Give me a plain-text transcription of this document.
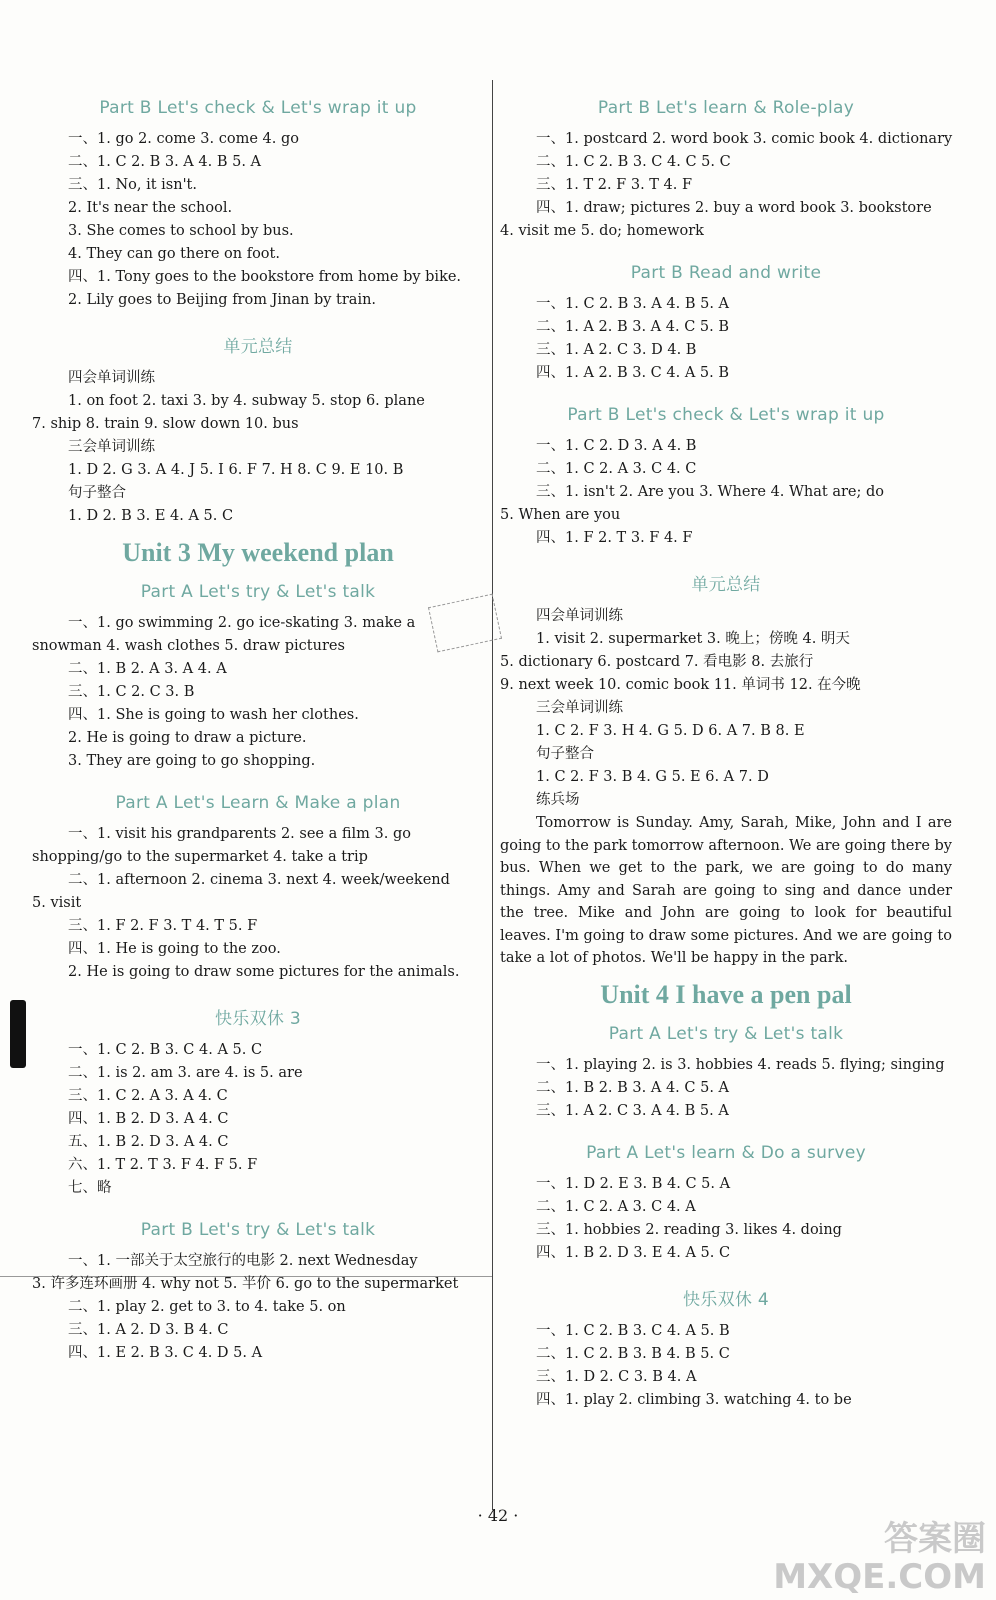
Part B Let's check & Let's wrap it up
一、1. go 2. come 3. come 4. go
二、1. C 2. B 3. A 4. B 5. A
三、1. No, it isn't.
2. It's near the school.
3. She comes to school by bus.
4. They can go there on foot.
四、1. Tony goes to the bookstore from home by bike.
2. Lily goes to Beijing from Jinan by train.
单元总结
四会单词训练
1. on foot 2. taxi 3. by 4. subway 5. stop 6. plane
7. ship 8. train 9. slow down 10. bus
三会单词训练
1. D 2. G 3. A 4. J 5. I 6. F 7. H 8. C 9. E 10. B
句子整合
1. D 2. B 3. E 4. A 5. C
Unit 3 My weekend plan
Part A Let's try & Let's talk
一、1. go swimming 2. go ice-skating 3. make a
snowman 4. wash clothes 5. draw pictures
二、1. B 2. A 3. A 4. A
三、1. C 2. C 3. B
四、1. She is going to wash her clothes.
2. He is going to draw a picture.
3. They are going to go shopping.
Part A Let's Learn & Make a plan
一、1. visit his grandparents 2. see a film 3. go
shopping/go to the supermarket 4. take a trip
二、1. afternoon 2. cinema 3. next 4. week/weekend
5. visit
三、1. F 2. F 3. T 4. T 5. F
四、1. He is going to the zoo.
2. He is going to draw some pictures for the animals.
快乐双休 3
一、1. C 2. B 3. C 4. A 5. C
二、1. is 2. am 3. are 4. is 5. are
三、1. C 2. A 3. A 4. C
四、1. B 2. D 3. A 4. C
五、1. B 2. D 3. A 4. C
六、1. T 2. T 3. F 4. F 5. F
七、略
Part B Let's try & Let's talk
一、1. 一部关于太空旅行的电影 2. next Wednesday
3. 许多连环画册 4. why not 5. 半价 6. go to the supermarket
二、1. play 2. get to 3. to 4. take 5. on
三、1. A 2. D 3. B 4. C
四、1. E 2. B 3. C 4. D 5. A
Part B Let's learn & Role-play
一、1. postcard 2. word book 3. comic book 4. dictionary
二、1. C 2. B 3. C 4. C 5. C
三、1. T 2. F 3. T 4. F
四、1. draw; pictures 2. buy a word book 3. bookstore
4. visit me 5. do; homework
Part B Read and write
一、1. C 2. B 3. A 4. B 5. A
二、1. A 2. B 3. A 4. C 5. B
三、1. A 2. C 3. D 4. B
四、1. A 2. B 3. C 4. A 5. B
Part B Let's check & Let's wrap it up
一、1. C 2. D 3. A 4. B
二、1. C 2. A 3. C 4. C
三、1. isn't 2. Are you 3. Where 4. What are; do
5. When are you
四、1. F 2. T 3. F 4. F
单元总结
四会单词训练
1. visit 2. supermarket 3. 晚上；傍晚 4. 明天
5. dictionary 6. postcard 7. 看电影 8. 去旅行
9. next week 10. comic book 11. 单词书 12. 在今晚
三会单词训练
1. C 2. F 3. H 4. G 5. D 6. A 7. B 8. E
句子整合
1. C 2. F 3. B 4. G 5. E 6. A 7. D
练兵场
Tomorrow is Sunday. Amy, Sarah, Mike, John and I are going to the park tomorrow afternoon. We are going there by bus. When we get to the park, we are going to do many things. Amy and Sarah are going to sing and dance under the tree. Mike and John are going to look for beautiful leaves. I'm going to draw some pictures. And we are going to take a lot of photos. We'll be happy in the park.
Unit 4 I have a pen pal
Part A Let's try & Let's talk
一、1. playing 2. is 3. hobbies 4. reads 5. flying; singing
二、1. B 2. B 3. A 4. C 5. A
三、1. A 2. C 3. A 4. B 5. A
Part A Let's learn & Do a survey
一、1. D 2. E 3. B 4. C 5. A
二、1. C 2. A 3. C 4. A
三、1. hobbies 2. reading 3. likes 4. doing
四、1. B 2. D 3. E 4. A 5. C
快乐双休 4
一、1. C 2. B 3. C 4. A 5. B
二、1. C 2. B 3. B 4. B 5. C
三、1. D 2. C 3. B 4. A
四、1. play 2. climbing 3. watching 4. to be
· 42 ·
答案圈
MXQE.COM
